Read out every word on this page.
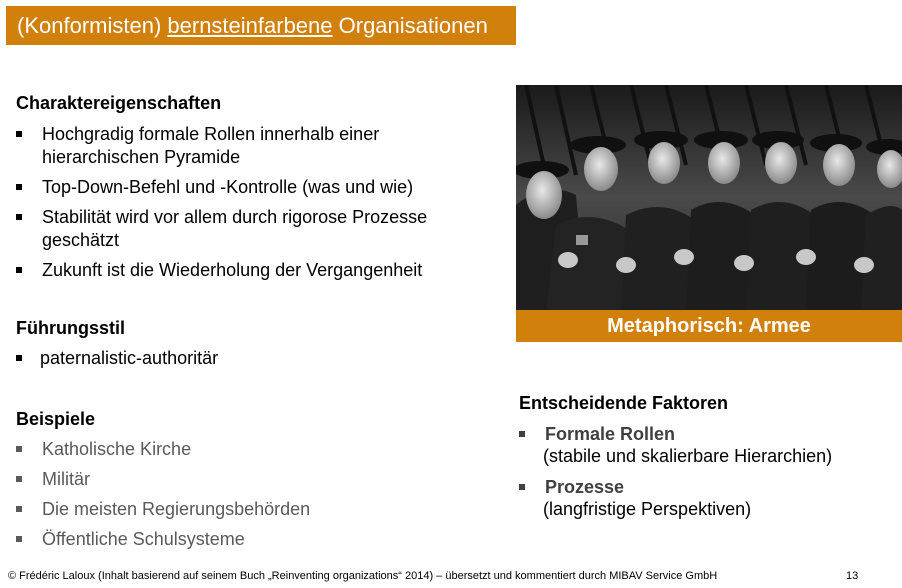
(Konformisten) bernsteinfarbene Organisationen
Charaktereigenschaften
Hochgradig formale Rollen innerhalb einer hierarchischen Pyramide
Top-Down-Befehl und -Kontrolle (was und wie)
Stabilität wird vor allem durch rigorose Prozesse geschätzt
Zukunft ist die Wiederholung der Vergangenheit
Führungsstil
paternalistic-authoritär
Beispiele
Katholische Kirche
Militär
Die meisten Regierungsbehörden
Öffentliche Schulsysteme
Metaphorisch: Armee
Entscheidende Faktoren
Formale Rollen
(stabile und skalierbare Hierarchien)
Prozesse
(langfristige Perspektiven)
© Frédéric Laloux (Inhalt basierend auf seinem Buch „Reinventing organizations“ 2014) – übersetzt und kommentiert durch MIBAV Service GmbH	13
